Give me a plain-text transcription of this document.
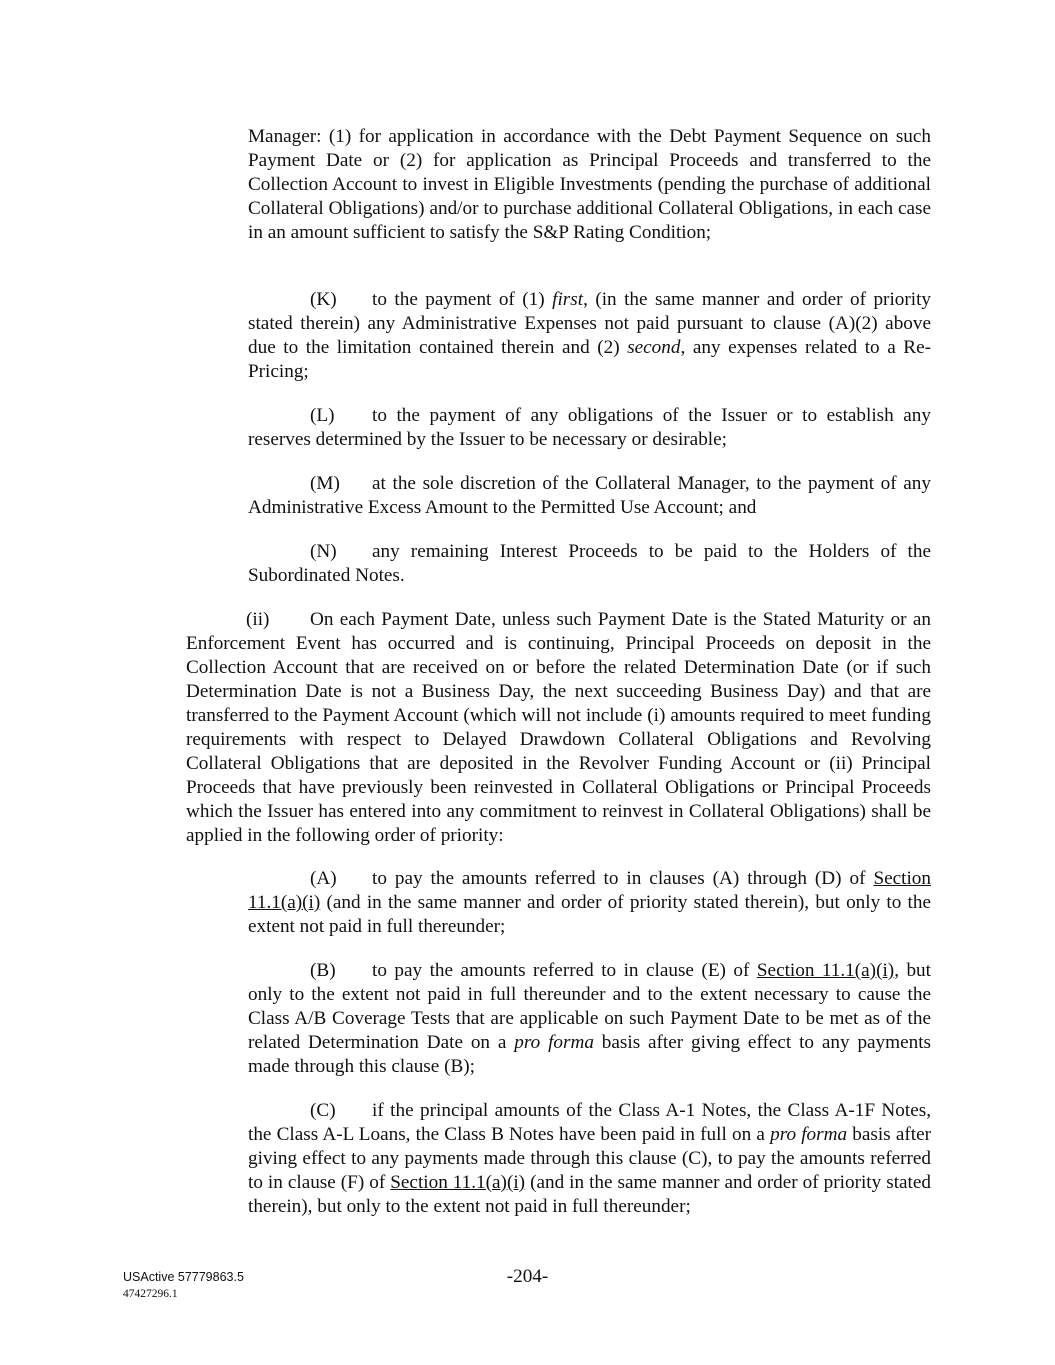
Manager: (1) for application in accordance with the Debt Payment Sequence on such Payment Date or (2) for application as Principal Proceeds and transferred to the Collection Account to invest in Eligible Investments (pending the purchase of additional Collateral Obligations) and/or to purchase additional Collateral Obligations, in each case in an amount sufficient to satisfy the S&P Rating Condition;

(K) to the payment of (1) first, (in the same manner and order of priority stated therein) any Administrative Expenses not paid pursuant to clause (A)(2) above due to the limitation contained therein and (2) second, any expenses related to a Re-Pricing;

(L) to the payment of any obligations of the Issuer or to establish any reserves determined by the Issuer to be necessary or desirable;

(M) at the sole discretion of the Collateral Manager, to the payment of any Administrative Excess Amount to the Permitted Use Account; and

(N) any remaining Interest Proceeds to be paid to the Holders of the Subordinated Notes.

(ii) On each Payment Date, unless such Payment Date is the Stated Maturity or an Enforcement Event has occurred and is continuing, Principal Proceeds on deposit in the Collection Account that are received on or before the related Determination Date (or if such Determination Date is not a Business Day, the next succeeding Business Day) and that are transferred to the Payment Account (which will not include (i) amounts required to meet funding requirements with respect to Delayed Drawdown Collateral Obligations and Revolving Collateral Obligations that are deposited in the Revolver Funding Account or (ii) Principal Proceeds that have previously been reinvested in Collateral Obligations or Principal Proceeds which the Issuer has entered into any commitment to reinvest in Collateral Obligations) shall be applied in the following order of priority:

(A) to pay the amounts referred to in clauses (A) through (D) of Section 11.1(a)(i) (and in the same manner and order of priority stated therein), but only to the extent not paid in full thereunder;

(B) to pay the amounts referred to in clause (E) of Section 11.1(a)(i), but only to the extent not paid in full thereunder and to the extent necessary to cause the Class A/B Coverage Tests that are applicable on such Payment Date to be met as of the related Determination Date on a pro forma basis after giving effect to any payments made through this clause (B);

(C) if the principal amounts of the Class A-1 Notes, the Class A-1F Notes, the Class A-L Loans, the Class B Notes have been paid in full on a pro forma basis after giving effect to any payments made through this clause (C), to pay the amounts referred to in clause (F) of Section 11.1(a)(i) (and in the same manner and order of priority stated therein), but only to the extent not paid in full thereunder;

USActive 57779863.5
47427296.1
-204-
